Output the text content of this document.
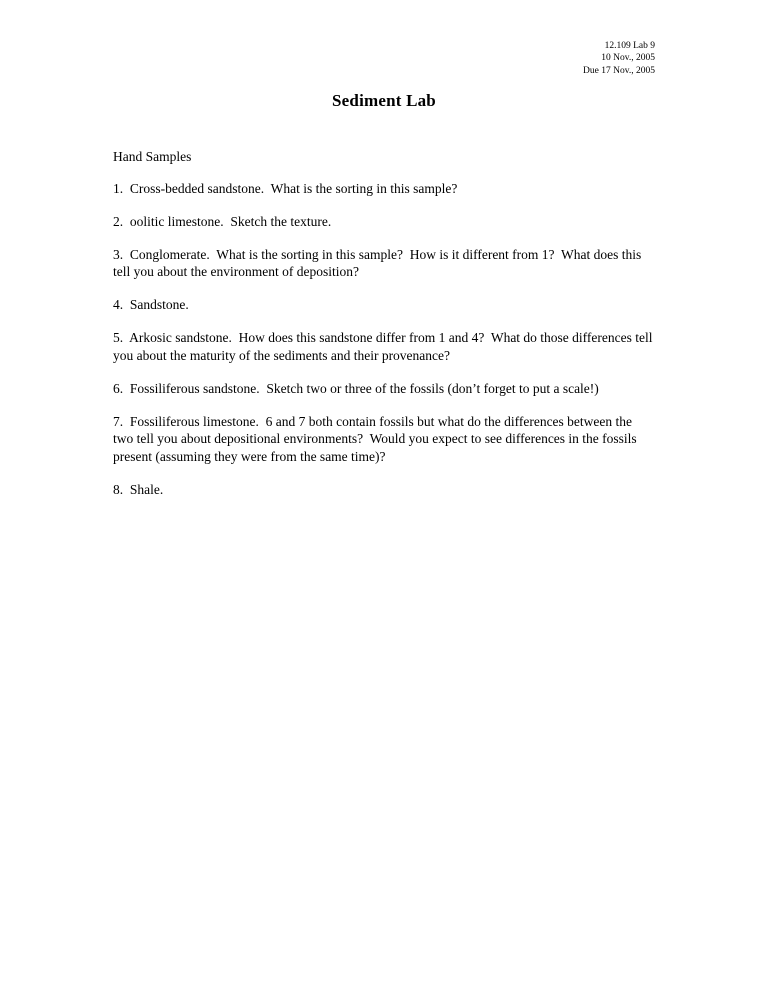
12.109 Lab 9
10 Nov., 2005
Due 17 Nov., 2005
Sediment Lab

Hand Samples

1.  Cross-bedded sandstone.  What is the sorting in this sample?

2.  oolitic limestone.  Sketch the texture.

3.  Conglomerate.  What is the sorting in this sample?  How is it different from 1?  What does this tell you about the environment of deposition?

4.  Sandstone.

5.  Arkosic sandstone.  How does this sandstone differ from 1 and 4?  What do those differences tell you about the maturity of the sediments and their provenance?

6.  Fossiliferous sandstone.  Sketch two or three of the fossils (don’t forget to put a scale!)

7.  Fossiliferous limestone.  6 and 7 both contain fossils but what do the differences between the two tell you about depositional environments?  Would you expect to see differences in the fossils present (assuming they were from the same time)?

8.  Shale.
